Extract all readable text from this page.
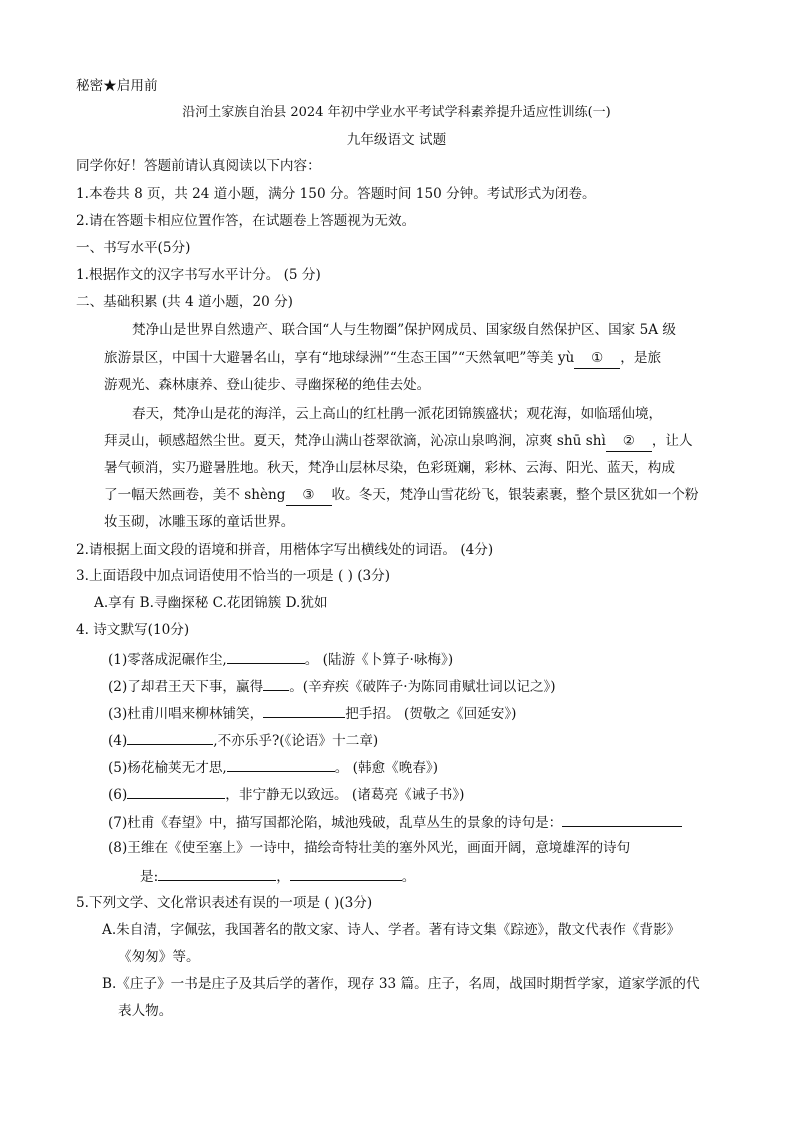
秘密★启用前
沿河土家族自治县 2024 年初中学业水平考试学科素养提升适应性训练(一)
九年级语文 试题
同学你好！答题前请认真阅读以下内容：
1.本卷共 8 页，共 24 道小题，满分 150 分。答题时间 150 分钟。考试形式为闭卷。
2.请在答题卡相应位置作答，在试题卷上答题视为无效。
一、书写水平(5分)
1.根据作文的汉字书写水平计分。 (5 分)
二、基础积累 (共 4 道小题，20 分)
梵净山是世界自然遗产、联合国“人与生物圈”保护网成员、国家级自然保护区、国家 5A 级
旅游景区，中国十大避暑名山，享有“地球绿洲”“生态王国”“天然氧吧”等美 yù ① ，是旅
游观光、森林康养、登山徒步、寻幽探秘的绝佳去处。
春天，梵净山是花的海洋，云上高山的红杜鹃一派花团锦簇盛状；观花海，如临瑶仙境，
拜灵山，顿感超然尘世。夏天，梵净山满山苍翠欲滴，沁凉山泉鸣涧，凉爽 shū shì ② ，让人
暑气顿消，实乃避暑胜地。秋天，梵净山层林尽染，色彩斑斓，彩林、云海、阳光、蓝天，构成
了一幅天然画卷，美不 shèng ③ 收。冬天，梵净山雪花纷飞，银装素裹，整个景区犹如一个粉
妆玉砌，冰雕玉琢的童话世界。
2.请根据上面文段的语境和拼音，用楷体字写出横线处的词语。 (4分)
3.上面语段中加点词语使用不恰当的一项是 ( ) (3分)
A.享有 B.寻幽探秘 C.花团锦簇 D.犹如
4. 诗文默写(10分)
(1)零落成泥碾作尘,	。 (陆游《卜算子·咏梅》)
(2)了却君王天下事，赢得 。(辛弃疾《破阵子·为陈同甫赋壮词以记之》)
(3)杜甫川唱来柳林铺笑，	把手招。 (贺敬之《回延安》)
(4)	,不亦乐乎?(《论语》十二章)
(5)杨花榆荚无才思,	。 (韩愈《晚春》)
(6)	，非宁静无以致远。 (诸葛亮《诫子书》)
(7)杜甫《春望》中，描写国都沦陷，城池残破，乱草丛生的景象的诗句是：
(8)王维在《使至塞上》一诗中，描绘奇特壮美的塞外风光，画面开阔，意境雄浑的诗句
是:	，	。
5.下列文学、文化常识表述有误的一项是 ( )(3分)
A.朱自清，字佩弦，我国著名的散文家、诗人、学者。著有诗文集《踪迹》，散文代表作《背影》
《匆匆》等。
B.《庄子》一书是庄子及其后学的著作，现存 33 篇。庄子，名周，战国时期哲学家，道家学派的代
表人物。
